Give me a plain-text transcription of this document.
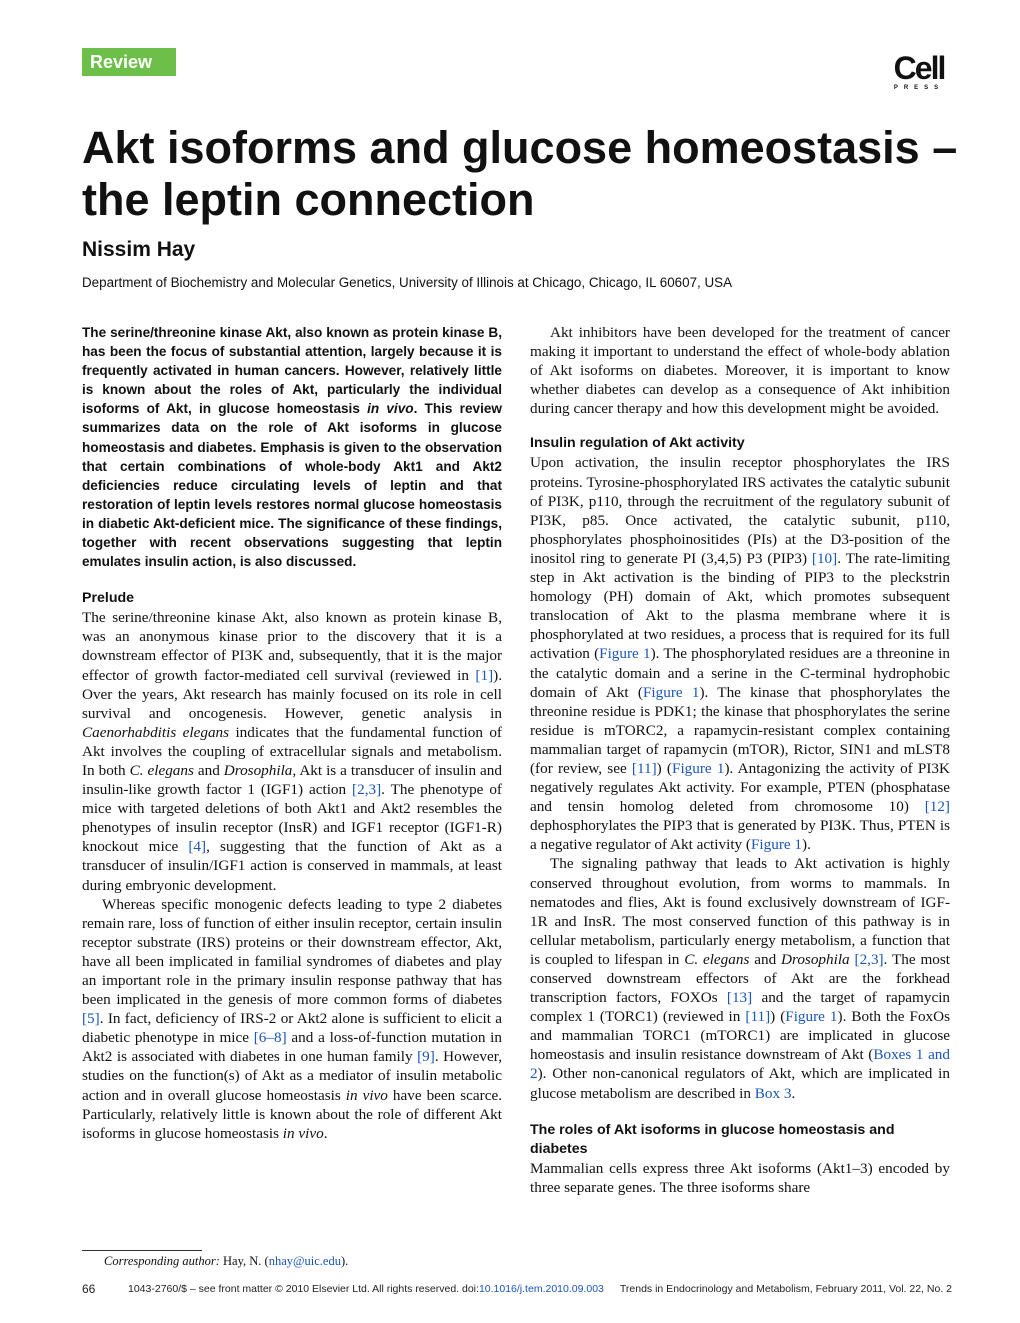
Review	Cell
PRESS
Akt isoforms and glucose homeostasis – the leptin connection

Nissim Hay

Department of Biochemistry and Molecular Genetics, University of Illinois at Chicago, Chicago, IL 60607, USA

The serine/threonine kinase Akt, also known as protein kinase B, has been the focus of substantial attention, largely because it is frequently activated in human cancers. However, relatively little is known about the roles of Akt, particularly the individual isoforms of Akt, in glucose homeostasis in vivo. This review summarizes data on the role of Akt isoforms in glucose homeostasis and diabetes. Emphasis is given to the observation that certain combinations of whole-body Akt1 and Akt2 deficiencies reduce circulating levels of leptin and that restoration of leptin levels restores normal glucose homeostasis in diabetic Akt-deficient mice. The significance of these findings, together with recent observations suggesting that leptin emulates insulin action, is also discussed.

Prelude

The serine/threonine kinase Akt, also known as protein kinase B, was an anonymous kinase prior to the discovery that it is a downstream effector of PI3K and, subsequently, that it is the major effector of growth factor-mediated cell survival (reviewed in [1]). Over the years, Akt research has mainly focused on its role in cell survival and oncogenesis. However, genetic analysis in Caenorhabditis elegans indicates that the fundamental function of Akt involves the coupling of extracellular signals and metabolism. In both C. elegans and Drosophila, Akt is a transducer of insulin and insulin-like growth factor 1 (IGF1) action [2,3]. The phenotype of mice with targeted deletions of both Akt1 and Akt2 resembles the phenotypes of insulin receptor (InsR) and IGF1 receptor (IGF1-R) knockout mice [4], suggesting that the function of Akt as a transducer of insulin/IGF1 action is conserved in mammals, at least during embryonic development.

Whereas specific monogenic defects leading to type 2 diabetes remain rare, loss of function of either insulin receptor, certain insulin receptor substrate (IRS) proteins or their downstream effector, Akt, have all been implicated in familial syndromes of diabetes and play an important role in the primary insulin response pathway that has been implicated in the genesis of more common forms of diabetes [5]. In fact, deficiency of IRS-2 or Akt2 alone is sufficient to elicit a diabetic phenotype in mice [6–8] and a loss-of-function mutation in Akt2 is associated with diabetes in one human family [9]. However, studies on the function(s) of Akt as a mediator of insulin metabolic action and in overall glucose homeostasis in vivo have been scarce. Particularly, relatively little is known about the role of different Akt isoforms in glucose homeostasis in vivo.

Akt inhibitors have been developed for the treatment of cancer making it important to understand the effect of whole-body ablation of Akt isoforms on diabetes. Moreover, it is important to know whether diabetes can develop as a consequence of Akt inhibition during cancer therapy and how this development might be avoided.

Insulin regulation of Akt activity

Upon activation, the insulin receptor phosphorylates the IRS proteins. Tyrosine-phosphorylated IRS activates the catalytic subunit of PI3K, p110, through the recruitment of the regulatory subunit of PI3K, p85. Once activated, the catalytic subunit, p110, phosphorylates phosphoinositides (PIs) at the D3-position of the inositol ring to generate PI (3,4,5) P3 (PIP3) [10]. The rate-limiting step in Akt activation is the binding of PIP3 to the pleckstrin homology (PH) domain of Akt, which promotes subsequent translocation of Akt to the plasma membrane where it is phosphorylated at two residues, a process that is required for its full activation (Figure 1). The phosphorylated residues are a threonine in the catalytic domain and a serine in the C-terminal hydrophobic domain of Akt (Figure 1). The kinase that phosphorylates the threonine residue is PDK1; the kinase that phosphorylates the serine residue is mTORC2, a rapamycin-resistant complex containing mammalian target of rapamycin (mTOR), Rictor, SIN1 and mLST8 (for review, see [11]) (Figure 1). Antagonizing the activity of PI3K negatively regulates Akt activity. For example, PTEN (phosphatase and tensin homolog deleted from chromosome 10) [12] dephosphorylates the PIP3 that is generated by PI3K. Thus, PTEN is a negative regulator of Akt activity (Figure 1).

The signaling pathway that leads to Akt activation is highly conserved throughout evolution, from worms to mammals. In nematodes and flies, Akt is found exclusively downstream of IGF-1R and InsR. The most conserved function of this pathway is in cellular metabolism, particularly energy metabolism, a function that is coupled to lifespan in C. elegans and Drosophila [2,3]. The most conserved downstream effectors of Akt are the forkhead transcription factors, FOXOs [13] and the target of rapamycin complex 1 (TORC1) (reviewed in [11]) (Figure 1). Both the FoxOs and mammalian TORC1 (mTORC1) are implicated in glucose homeostasis and insulin resistance downstream of Akt (Boxes 1 and 2). Other non-canonical regulators of Akt, which are implicated in glucose metabolism are described in Box 3.

The roles of Akt isoforms in glucose homeostasis and diabetes

Mammalian cells express three Akt isoforms (Akt1–3) encoded by three separate genes. The three isoforms share

Corresponding author: Hay, N. (nhay@uic.edu).

66	1043-2760/$ – see front matter © 2010 Elsevier Ltd. All rights reserved. doi:10.1016/j.tem.2010.09.003 Trends in Endocrinology and Metabolism, February 2011, Vol. 22, No. 2
